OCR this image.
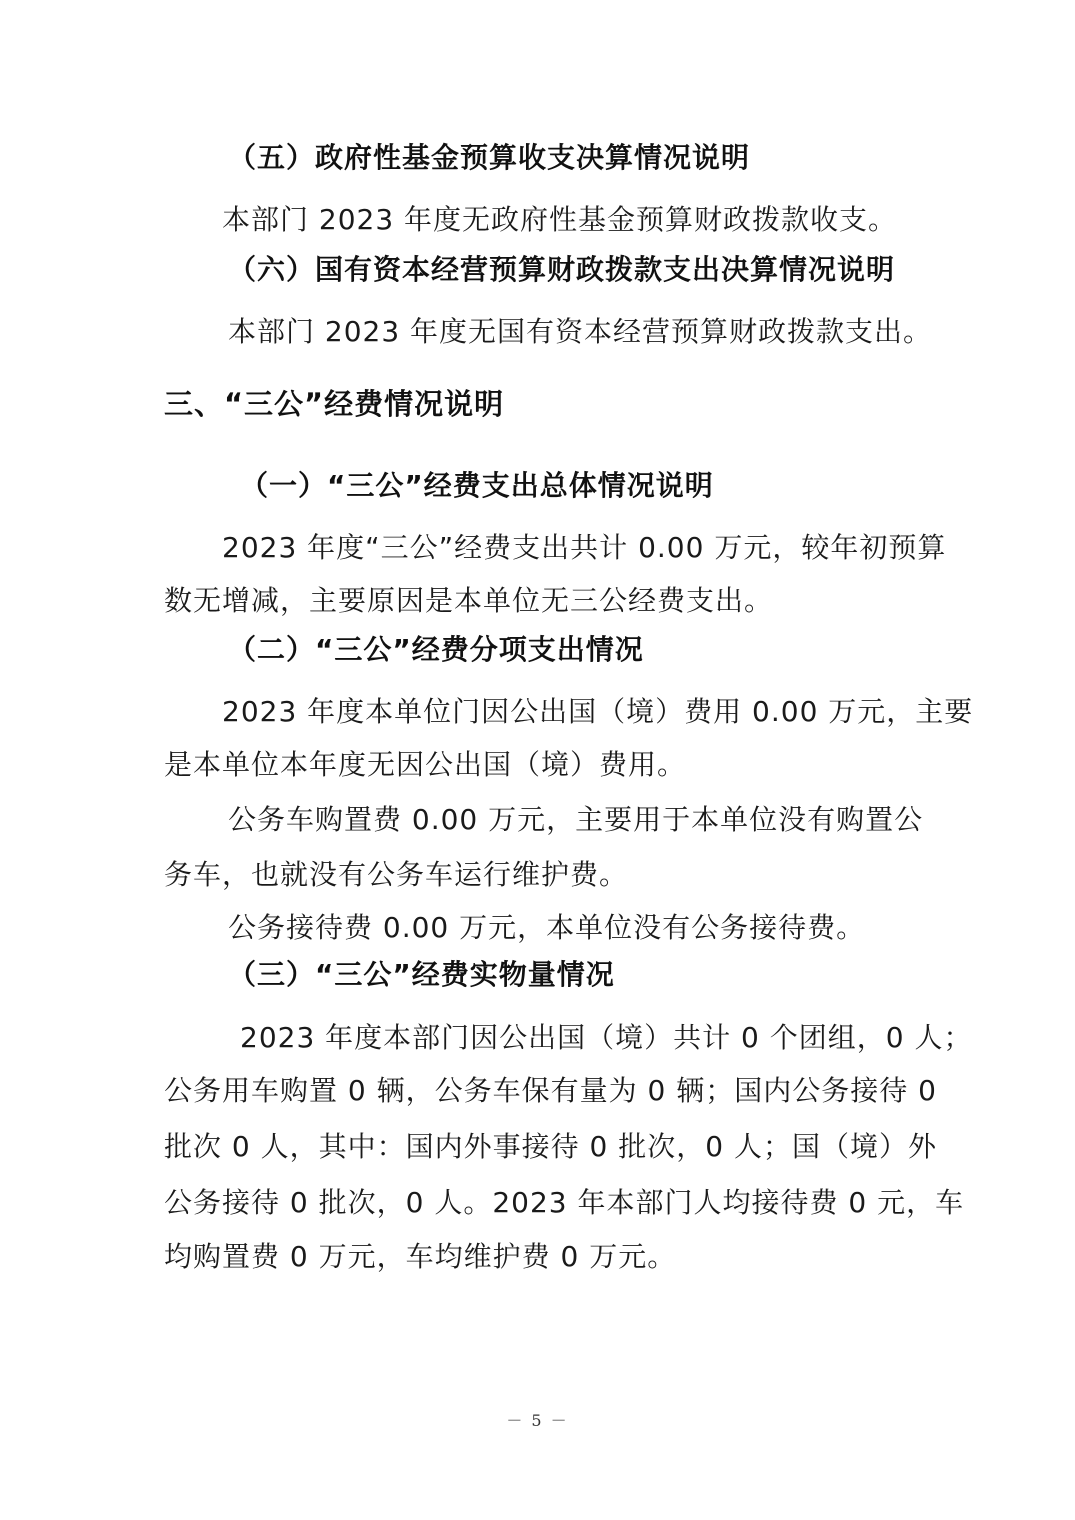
（五）政府性基金预算收支决算情况说明
本部门 2023 年度无政府性基金预算财政拨款收支。
（六）国有资本经营预算财政拨款支出决算情况说明
本部门 2023 年度无国有资本经营预算财政拨款支出。
三、“三公”经费情况说明
（一）“三公”经费支出总体情况说明
2023 年度“三公”经费支出共计 0.00 万元，较年初预算
数无增减，主要原因是本单位无三公经费支出。
（二）“三公”经费分项支出情况
2023 年度本单位门因公出国（境）费用 0.00 万元，主要
是本单位本年度无因公出国（境）费用。
公务车购置费 0.00 万元，主要用于本单位没有购置公
务车，也就没有公务车运行维护费。
公务接待费 0.00 万元，本单位没有公务接待费。
（三）“三公”经费实物量情况
2023 年度本部门因公出国（境）共计 0 个团组，0 人；
公务用车购置 0 辆，公务车保有量为 0 辆；国内公务接待 0
批次 0 人，其中：国内外事接待 0 批次，0 人；国（境）外
公务接待 0 批次，0 人。2023 年本部门人均接待费 0 元，车
均购置费 0 万元，车均维护费 0 万元。
－ 5 －
